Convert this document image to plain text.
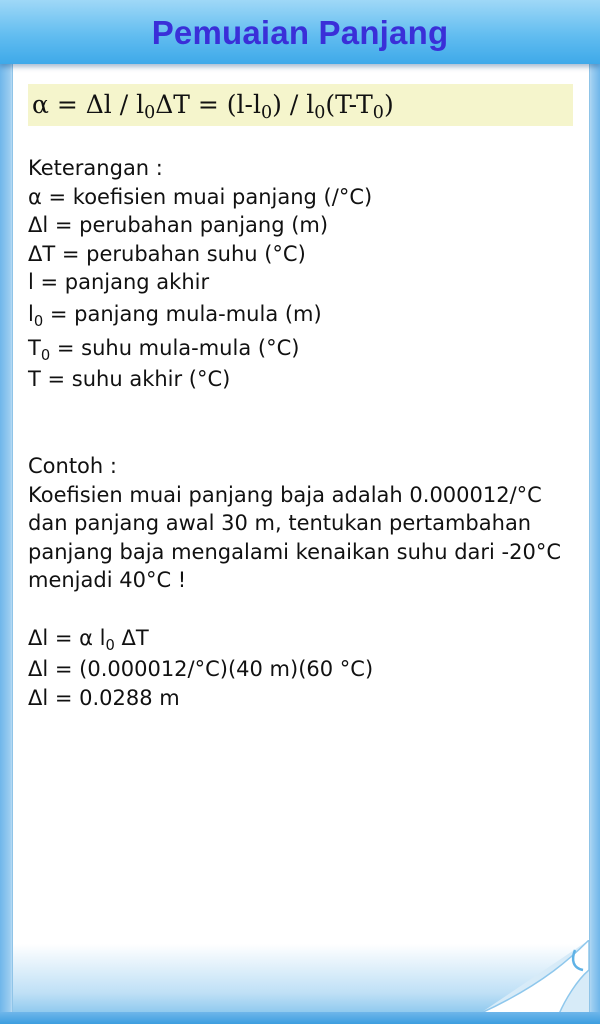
Pemuaian Panjang
$\alpha = \Delta l / l_0\Delta T = (l-l_0) / l_0(T-T_0)$
Keterangan :
α = koefisien muai panjang (/°C)
Δl = perubahan panjang (m)
ΔT = perubahan suhu (°C)
l = panjang akhir
$l_0$ = panjang mula-mula (m)
$T_0$ = suhu mula-mula (°C)
T = suhu akhir (°C)
Contoh :
Koefisien muai panjang baja adalah 0.000012/°C
dan panjang awal 30 m, tentukan pertambahan
panjang baja mengalami kenaikan suhu dari -20°C
menjadi 40°C !
Δl = α $l_0$ ΔT
Δl = (0.000012/°C)(40 m)(60 °C)
Δl = 0.0288 m
